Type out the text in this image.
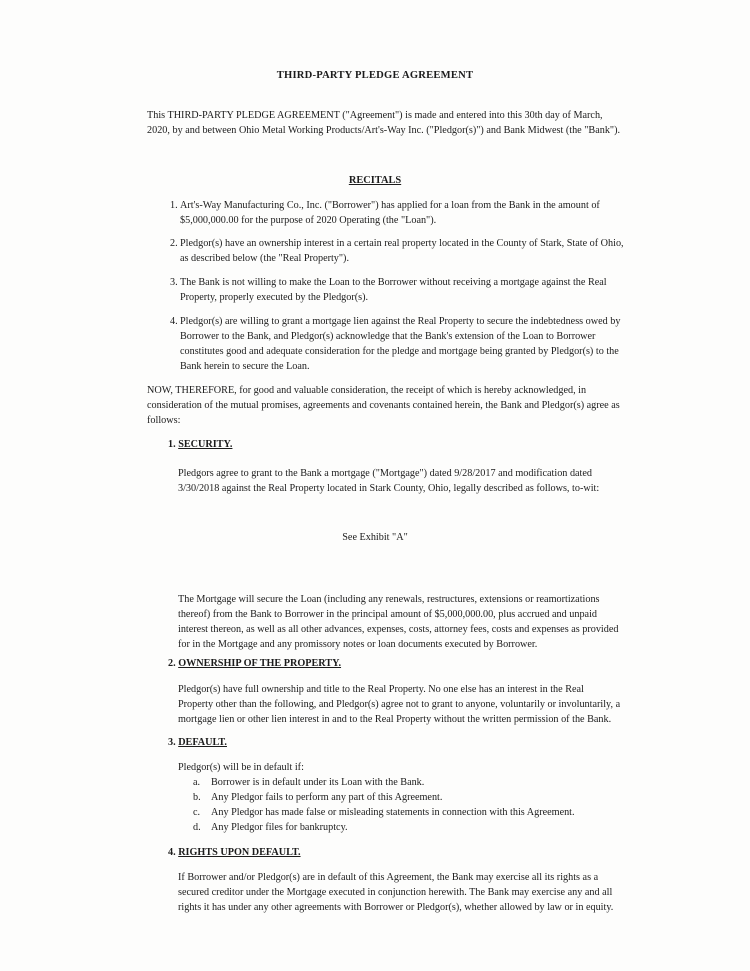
THIRD-PARTY PLEDGE AGREEMENT
This THIRD-PARTY PLEDGE AGREEMENT ("Agreement") is made and entered into this 30th day of March,
2020, by and between Ohio Metal Working Products/Art's-Way Inc. ("Pledgor(s)") and Bank Midwest (the "Bank").
RECITALS
1. Art's-Way Manufacturing Co., Inc. ("Borrower") has applied for a loan from the Bank in the amount of
$5,000,000.00 for the purpose of 2020 Operating (the "Loan").
2. Pledgor(s) have an ownership interest in a certain real property located in the County of Stark, State of Ohio,
as described below (the "Real Property").
3. The Bank is not willing to make the Loan to the Borrower without receiving a mortgage against the Real
Property, properly executed by the Pledgor(s).
4. Pledgor(s) are willing to grant a mortgage lien against the Real Property to secure the indebtedness owed by
Borrower to the Bank, and Pledgor(s) acknowledge that the Bank's extension of the Loan to Borrower
constitutes good and adequate consideration for the pledge and mortgage being granted by Pledgor(s) to the
Bank herein to secure the Loan.
NOW, THEREFORE, for good and valuable consideration, the receipt of which is hereby acknowledged, in
consideration of the mutual promises, agreements and covenants contained herein, the Bank and Pledgor(s) agree as
follows:
1. SECURITY.
Pledgors agree to grant to the Bank a mortgage ("Mortgage") dated 9/28/2017 and modification dated
3/30/2018 against the Real Property located in Stark County, Ohio, legally described as follows, to-wit:
See Exhibit "A"
The Mortgage will secure the Loan (including any renewals, restructures, extensions or reamortizations
thereof) from the Bank to Borrower in the principal amount of $5,000,000.00, plus accrued and unpaid
interest thereon, as well as all other advances, expenses, costs, attorney fees, costs and expenses as provided
for in the Mortgage and any promissory notes or loan documents executed by Borrower.
2. OWNERSHIP OF THE PROPERTY.
Pledgor(s) have full ownership and title to the Real Property. No one else has an interest in the Real
Property other than the following, and Pledgor(s) agree not to grant to anyone, voluntarily or involuntarily, a
mortgage lien or other lien interest in and to the Real Property without the written permission of the Bank.
3. DEFAULT.
Pledgor(s) will be in default if:
a. Borrower is in default under its Loan with the Bank.
b. Any Pledgor fails to perform any part of this Agreement.
c. Any Pledgor has made false or misleading statements in connection with this Agreement.
d. Any Pledgor files for bankruptcy.
4. RIGHTS UPON DEFAULT.
If Borrower and/or Pledgor(s) are in default of this Agreement, the Bank may exercise all its rights as a
secured creditor under the Mortgage executed in conjunction herewith. The Bank may exercise any and all
rights it has under any other agreements with Borrower or Pledgor(s), whether allowed by law or in equity.
